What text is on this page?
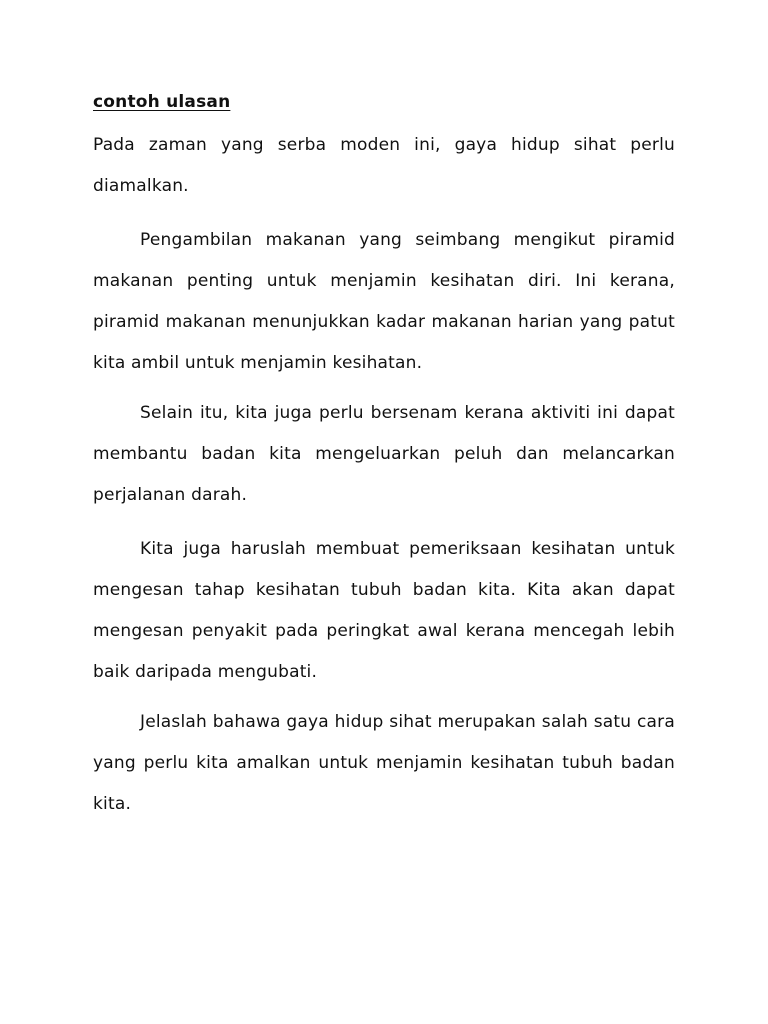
contoh ulasan

Pada zaman yang serba moden ini, gaya hidup sihat perlu diamalkan.

Pengambilan makanan yang seimbang mengikut piramid makanan penting untuk menjamin kesihatan diri. Ini kerana, piramid makanan menunjukkan kadar makanan harian yang patut kita ambil untuk menjamin kesihatan.

Selain itu, kita juga perlu bersenam kerana aktiviti ini dapat membantu badan kita mengeluarkan peluh dan melancarkan perjalanan darah.

Kita juga haruslah membuat pemeriksaan kesihatan untuk mengesan tahap kesihatan tubuh badan kita. Kita akan dapat mengesan penyakit pada peringkat awal kerana mencegah lebih baik daripada mengubati.

Jelaslah bahawa gaya hidup sihat merupakan salah satu cara yang perlu kita amalkan untuk menjamin kesihatan tubuh badan kita.
